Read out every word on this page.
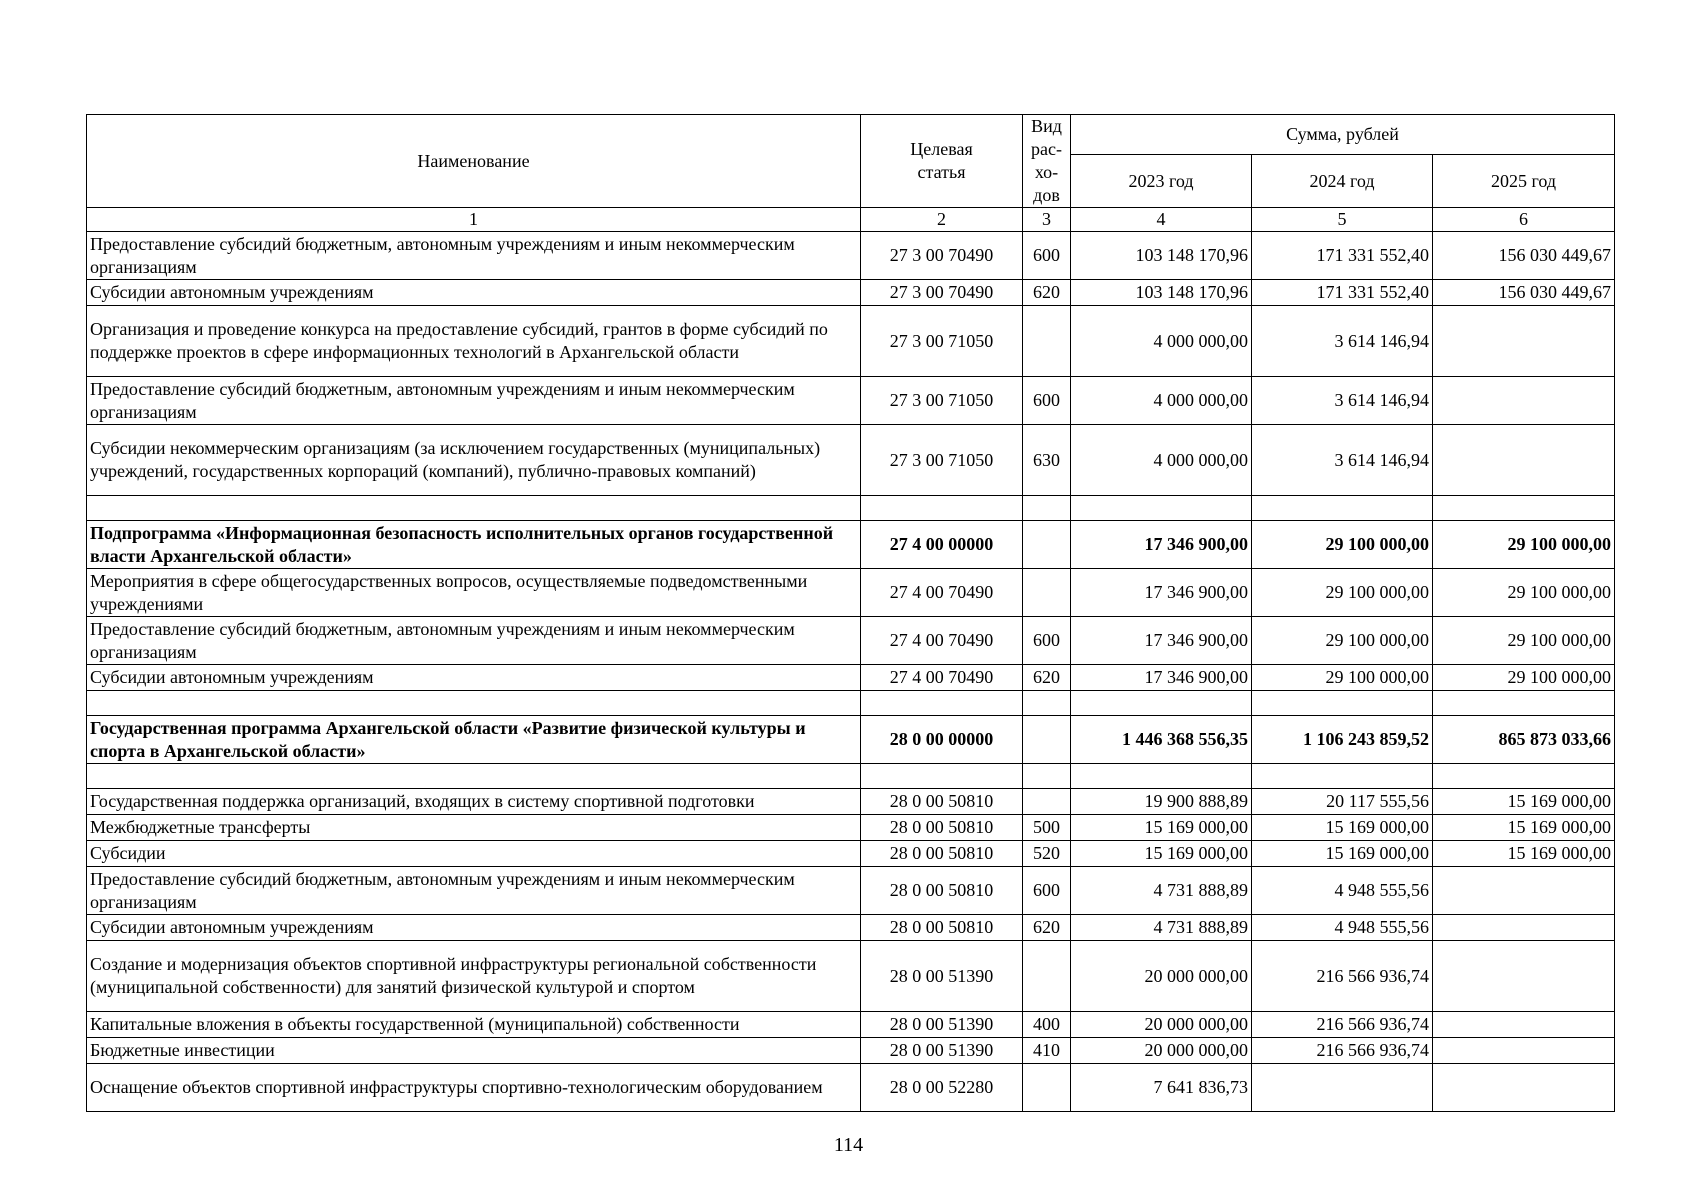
Наименование	Целевая статья	Вид рас-хо-дов	Сумма, рублей		
			2023 год	2024 год	2025 год
1	2	3	4	5	6
Предоставление субсидий бюджетным, автономным учреждениям и иным некоммерческим организациям	27 3 00 70490	600	103 148 170,96	171 331 552,40	156 030 449,67
Субсидии автономным учреждениям	27 3 00 70490	620	103 148 170,96	171 331 552,40	156 030 449,67
Организация и проведение конкурса на предоставление субсидий, грантов в форме субсидий по поддержке проектов в сфере информационных технологий в Архангельской области	27 3 00 71050		4 000 000,00	3 614 146,94	
Предоставление субсидий бюджетным, автономным учреждениям и иным некоммерческим организациям	27 3 00 71050	600	4 000 000,00	3 614 146,94	
Субсидии некоммерческим организациям (за исключением государственных (муниципальных) учреждений, государственных корпораций (компаний), публично-правовых компаний)	27 3 00 71050	630	4 000 000,00	3 614 146,94	

Подпрограмма «Информационная безопасность исполнительных органов государственной власти Архангельской области»	27 4 00 00000		17 346 900,00	29 100 000,00	29 100 000,00
Мероприятия в сфере общегосударственных вопросов, осуществляемые подведомственными учреждениями	27 4 00 70490		17 346 900,00	29 100 000,00	29 100 000,00
Предоставление субсидий бюджетным, автономным учреждениям и иным некоммерческим организациям	27 4 00 70490	600	17 346 900,00	29 100 000,00	29 100 000,00
Субсидии автономным учреждениям	27 4 00 70490	620	17 346 900,00	29 100 000,00	29 100 000,00

Государственная программа Архангельской области «Развитие физической культуры и спорта в Архангельской области»	28 0 00 00000		1 446 368 556,35	1 106 243 859,52	865 873 033,66

Государственная поддержка организаций, входящих в систему спортивной подготовки	28 0 00 50810		19 900 888,89	20 117 555,56	15 169 000,00
Межбюджетные трансферты	28 0 00 50810	500	15 169 000,00	15 169 000,00	15 169 000,00
Субсидии	28 0 00 50810	520	15 169 000,00	15 169 000,00	15 169 000,00
Предоставление субсидий бюджетным, автономным учреждениям и иным некоммерческим организациям	28 0 00 50810	600	4 731 888,89	4 948 555,56	
Субсидии автономным учреждениям	28 0 00 50810	620	4 731 888,89	4 948 555,56	
Создание и модернизация объектов спортивной инфраструктуры региональной собственности (муниципальной собственности) для занятий физической культурой и спортом	28 0 00 51390		20 000 000,00	216 566 936,74	
Капитальные вложения в объекты государственной (муниципальной) собственности	28 0 00 51390	400	20 000 000,00	216 566 936,74	
Бюджетные инвестиции	28 0 00 51390	410	20 000 000,00	216 566 936,74	
Оснащение объектов спортивной инфраструктуры спортивно-технологическим оборудованием	28 0 00 52280		7 641 836,73		
114
